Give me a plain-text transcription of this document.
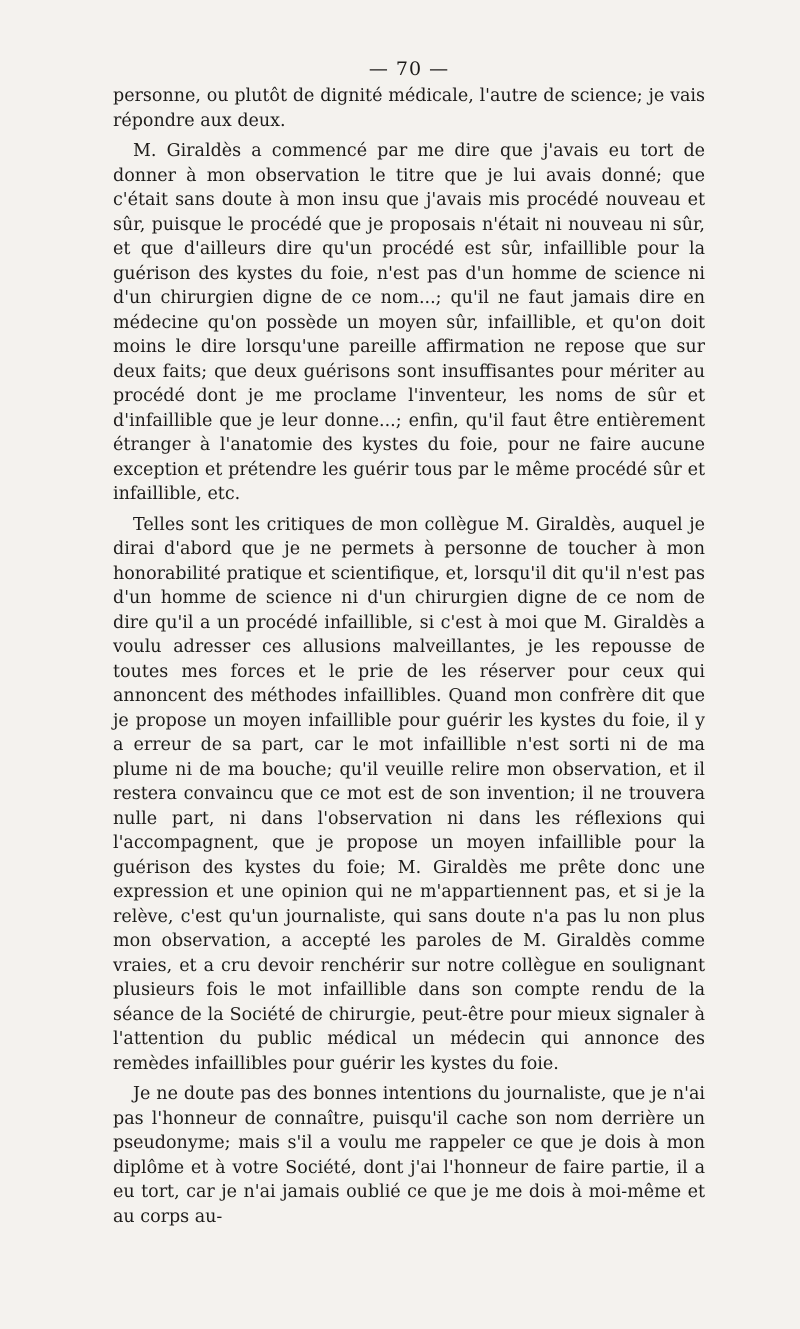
— 70 —

personne, ou plutôt de dignité médicale, l'autre de science; je vais répondre aux deux.

M. Giraldès a commencé par me dire que j'avais eu tort de donner à mon observation le titre que je lui avais donné; que c'était sans doute à mon insu que j'avais mis procédé nouveau et sûr, puisque le procédé que je proposais n'était ni nouveau ni sûr, et que d'ailleurs dire qu'un procédé est sûr, infaillible pour la guérison des kystes du foie, n'est pas d'un homme de science ni d'un chirurgien digne de ce nom...; qu'il ne faut jamais dire en médecine qu'on possède un moyen sûr, infaillible, et qu'on doit moins le dire lorsqu'une pareille affirmation ne repose que sur deux faits; que deux guérisons sont insuffisantes pour mériter au procédé dont je me proclame l'inventeur, les noms de sûr et d'infaillible que je leur donne...; enfin, qu'il faut être entièrement étranger à l'anatomie des kystes du foie, pour ne faire aucune exception et prétendre les guérir tous par le même procédé sûr et infaillible, etc.

Telles sont les critiques de mon collègue M. Giraldès, auquel je dirai d'abord que je ne permets à personne de toucher à mon honorabilité pratique et scientifique, et, lorsqu'il dit qu'il n'est pas d'un homme de science ni d'un chirurgien digne de ce nom de dire qu'il a un procédé infaillible, si c'est à moi que M. Giraldès a voulu adresser ces allusions malveillantes, je les repousse de toutes mes forces et le prie de les réserver pour ceux qui annoncent des méthodes infaillibles. Quand mon confrère dit que je propose un moyen infaillible pour guérir les kystes du foie, il y a erreur de sa part, car le mot infaillible n'est sorti ni de ma plume ni de ma bouche; qu'il veuille relire mon observation, et il restera convaincu que ce mot est de son invention; il ne trouvera nulle part, ni dans l'observation ni dans les réflexions qui l'accompagnent, que je propose un moyen infaillible pour la guérison des kystes du foie; M. Giraldès me prête donc une expression et une opinion qui ne m'appartiennent pas, et si je la relève, c'est qu'un journaliste, qui sans doute n'a pas lu non plus mon observation, a accepté les paroles de M. Giraldès comme vraies, et a cru devoir renchérir sur notre collègue en soulignant plusieurs fois le mot infaillible dans son compte rendu de la séance de la Société de chirurgie, peut-être pour mieux signaler à l'attention du public médical un médecin qui annonce des remèdes infaillibles pour guérir les kystes du foie.

Je ne doute pas des bonnes intentions du journaliste, que je n'ai pas l'honneur de connaître, puisqu'il cache son nom derrière un pseudonyme; mais s'il a voulu me rappeler ce que je dois à mon diplôme et à votre Société, dont j'ai l'honneur de faire partie, il a eu tort, car je n'ai jamais oublié ce que je me dois à moi-même et au corps au-
